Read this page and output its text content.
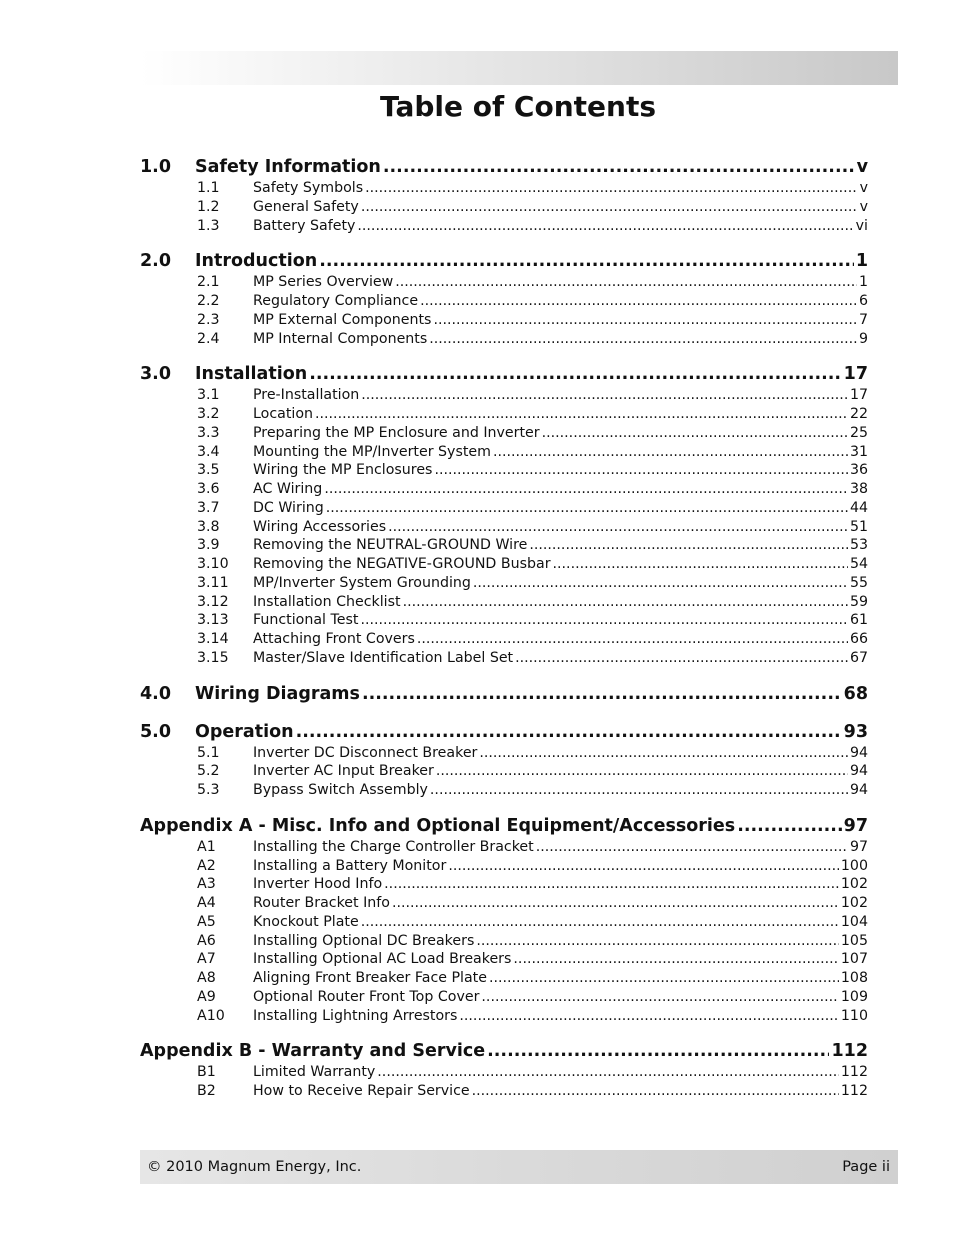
Table of Contents
1.0	Safety Information .....	v
1.1	Safety Symbols .....	v
1.2	General Safety .....	v
1.3	Battery Safety .....	vi
2.0	Introduction .....	1
2.1	MP Series Overview .....	1
2.2	Regulatory Compliance .....	6
2.3	MP External Components .....	7
2.4	MP Internal Components .....	9
3.0	Installation .....	17
3.1	Pre-Installation .....	17
3.2	Location .....	22
3.3	Preparing the MP Enclosure and Inverter .....	25
3.4	Mounting the MP/Inverter System .....	31
3.5	Wiring the MP Enclosures .....	36
3.6	AC Wiring .....	38
3.7	DC Wiring .....	44
3.8	Wiring Accessories .....	51
3.9	Removing the NEUTRAL-GROUND Wire .....	53
3.10	Removing the NEGATIVE-GROUND Busbar .....	54
3.11	MP/Inverter System Grounding .....	55
3.12	Installation Checklist .....	59
3.13	Functional Test .....	61
3.14	Attaching Front Covers .....	66
3.15	Master/Slave Identification Label Set .....	67
4.0	Wiring Diagrams .....	68
5.0	Operation .....	93
5.1	Inverter DC Disconnect Breaker .....	94
5.2	Inverter AC Input Breaker .....	94
5.3	Bypass Switch Assembly .....	94
Appendix A - Misc. Info and Optional Equipment/Accessories .....	97
A1	Installing the Charge Controller Bracket .....	97
A2	Installing a Battery Monitor .....	100
A3	Inverter Hood Info .....	102
A4	Router Bracket Info .....	102
A5	Knockout Plate .....	104
A6	Installing Optional DC Breakers .....	105
A7	Installing Optional AC Load Breakers .....	107
A8	Aligning Front Breaker Face Plate .....	108
A9	Optional Router Front Top Cover .....	109
A10	Installing Lightning Arrestors .....	110
Appendix B - Warranty and Service .....	112
B1	Limited Warranty .....	112
B2	How to Receive Repair Service .....	112
© 2010 Magnum Energy, Inc.	Page ii
